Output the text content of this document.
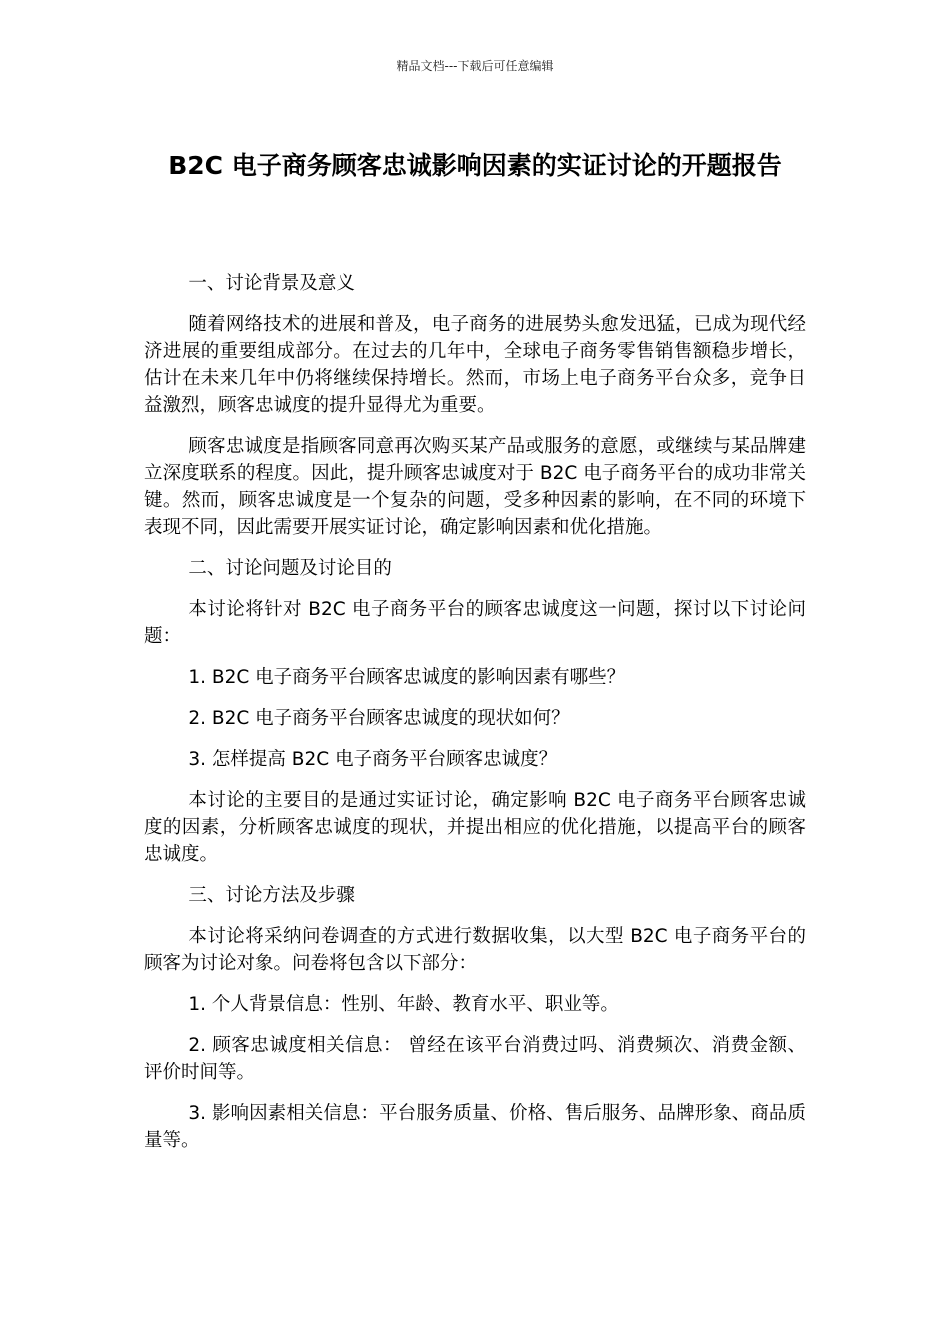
精品文档---下载后可任意编辑
B2C 电子商务顾客忠诚影响因素的实证讨论的开题报告

一、讨论背景及意义

随着网络技术的进展和普及，电子商务的进展势头愈发迅猛，已成为现代经济进展的重要组成部分。在过去的几年中，全球电子商务零售销售额稳步增长，估计在未来几年中仍将继续保持增长。然而，市场上电子商务平台众多，竞争日益激烈，顾客忠诚度的提升显得尤为重要。

顾客忠诚度是指顾客同意再次购买某产品或服务的意愿，或继续与某品牌建立深度联系的程度。因此，提升顾客忠诚度对于 B2C 电子商务平台的成功非常关键。然而，顾客忠诚度是一个复杂的问题，受多种因素的影响，在不同的环境下表现不同，因此需要开展实证讨论，确定影响因素和优化措施。

二、讨论问题及讨论目的

本讨论将针对 B2C 电子商务平台的顾客忠诚度这一问题，探讨以下讨论问题：

1. B2C 电子商务平台顾客忠诚度的影响因素有哪些？

2. B2C 电子商务平台顾客忠诚度的现状如何？

3. 怎样提高 B2C 电子商务平台顾客忠诚度？

本讨论的主要目的是通过实证讨论，确定影响 B2C 电子商务平台顾客忠诚度的因素，分析顾客忠诚度的现状，并提出相应的优化措施，以提高平台的顾客忠诚度。

三、讨论方法及步骤

本讨论将采纳问卷调查的方式进行数据收集，以大型 B2C 电子商务平台的顾客为讨论对象。问卷将包含以下部分：

1. 个人背景信息：性别、年龄、教育水平、职业等。

2. 顾客忠诚度相关信息： 曾经在该平台消费过吗、消费频次、消费金额、评价时间等。

3. 影响因素相关信息：平台服务质量、价格、售后服务、品牌形象、商品质量等。
